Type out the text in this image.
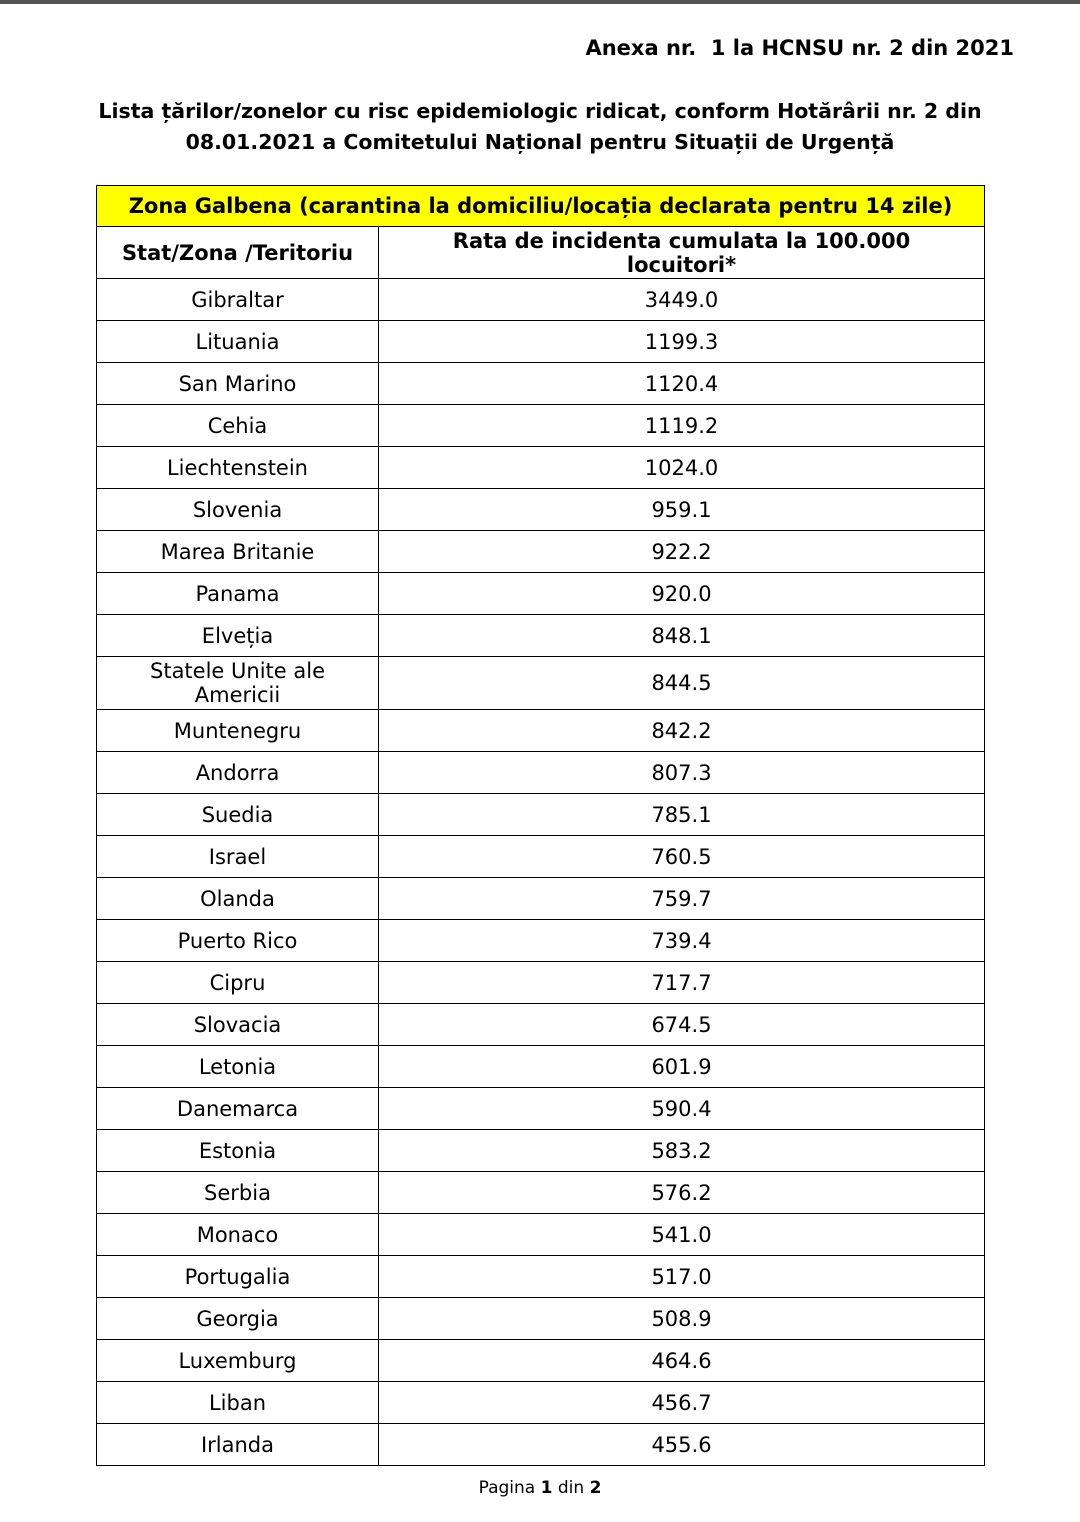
Anexa nr.  1 la HCNSU nr. 2 din 2021
Lista țărilor/zonelor cu risc epidemiologic ridicat, conform Hotărârii nr. 2 din 08.01.2021 a Comitetului Național pentru Situații de Urgență
Zona Galbena (carantina la domiciliu/locația declarata pentru 14 zile)	
Stat/Zona /Teritoriu	Rata de incidenta cumulata la 100.000 locuitori*
Gibraltar	3449.0
Lituania	1199.3
San Marino	1120.4
Cehia	1119.2
Liechtenstein	1024.0
Slovenia	959.1
Marea Britanie	922.2
Panama	920.0
Elveția	848.1
Statele Unite ale Americii	844.5
Muntenegru	842.2
Andorra	807.3
Suedia	785.1
Israel	760.5
Olanda	759.7
Puerto Rico	739.4
Cipru	717.7
Slovacia	674.5
Letonia	601.9
Danemarca	590.4
Estonia	583.2
Serbia	576.2
Monaco	541.0
Portugalia	517.0
Georgia	508.9
Luxemburg	464.6
Liban	456.7
Irlanda	455.6
Pagina 1 din 2
